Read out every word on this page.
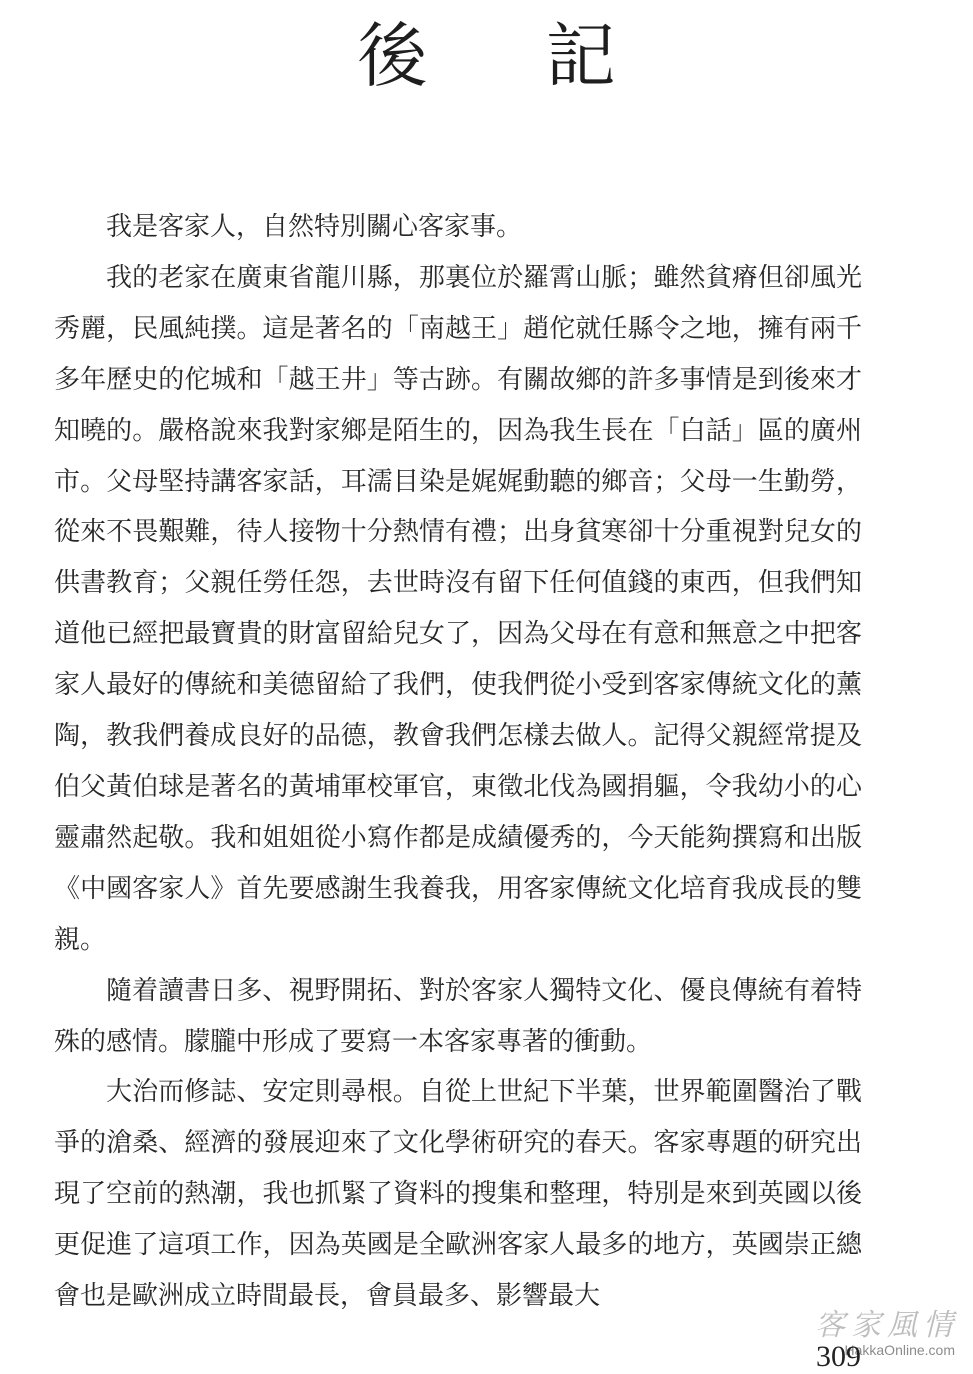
後 記

我是客家人，自然特別關心客家事。

我的老家在廣東省龍川縣，那裏位於羅霄山脈；雖然貧瘠但卻風光秀麗，民風純撲。這是著名的「南越王」趙佗就任縣令之地，擁有兩千多年歷史的佗城和「越王井」等古跡。有關故鄉的許多事情是到後來才知曉的。嚴格說來我對家鄉是陌生的，因為我生長在「白話」區的廣州市。父母堅持講客家話，耳濡目染是娓娓動聽的鄉音；父母一生勤勞，從來不畏艱難，待人接物十分熱情有禮；出身貧寒卻十分重視對兒女的供書教育；父親任勞任怨，去世時沒有留下任何值錢的東西，但我們知道他已經把最寶貴的財富留給兒女了，因為父母在有意和無意之中把客家人最好的傳統和美德留給了我們，使我們從小受到客家傳統文化的薰陶，教我們養成良好的品德，教會我們怎樣去做人。記得父親經常提及伯父黃伯球是著名的黃埔軍校軍官，東徵北伐為國捐軀，令我幼小的心靈肅然起敬。我和姐姐從小寫作都是成績優秀的，今天能夠撰寫和出版《中國客家人》首先要感謝生我養我，用客家傳統文化培育我成長的雙親。

隨着讀書日多、視野開拓、對於客家人獨特文化、優良傳統有着特殊的感情。朦朧中形成了要寫一本客家專著的衝動。

大治而修誌、安定則尋根。自從上世紀下半葉，世界範圍醫治了戰爭的滄桑、經濟的發展迎來了文化學術研究的春天。客家專題的研究出現了空前的熱潮，我也抓緊了資料的搜集和整理，特別是來到英國以後更促進了這項工作，因為英國是全歐洲客家人最多的地方，英國崇正總會也是歐洲成立時間最長，會員最多、影響最大

客家風情
HakkaOnline.com
309
